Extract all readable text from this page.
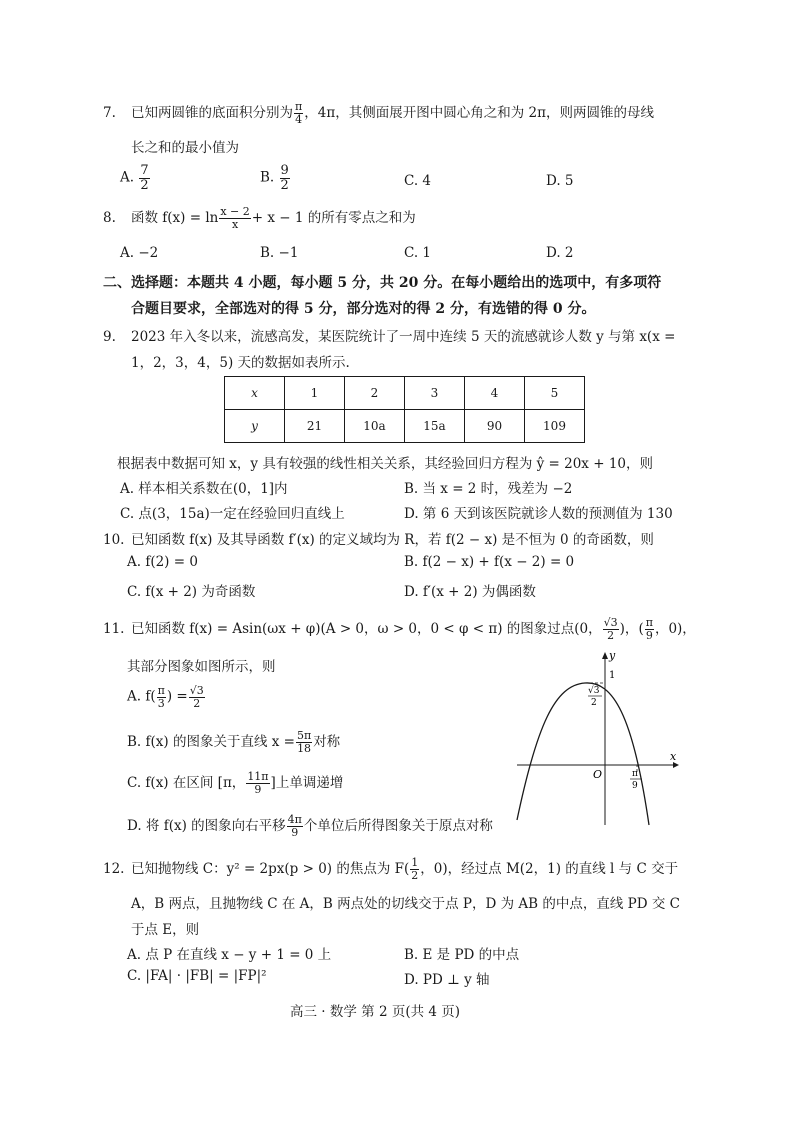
7. 已知两圆锥的底面积分别为 $\frac{\pi}{4}$ ，4π，其侧面展开图中圆心角之和为 2π，则两圆锥的母线
长之和的最小值为
A. $\frac{7}{2}$	B. $\frac{9}{2}$	C. 4	D. 5
8. 函数 $f(x) = \ln \frac{x - 2}{x} + x - 1$ 的所有零点之和为
A. −2	B. −1	C. 1	D. 2
二、选择题：本题共 4 小题，每小题 5 分，共 20 分。在每小题给出的选项中，有多项符
合题目要求，全部选对的得 5 分，部分选对的得 2 分，有选错的得 0 分。
9. 2023 年入冬以来，流感高发，某医院统计了一周中连续 5 天的流感就诊人数 y 与第 x(x =
1，2，3，4，5) 天的数据如表所示.
x	1	2	3	4	5
y	21	10a	15a	90	109
根据表中数据可知 x，y 具有较强的线性相关关系，其经验回归方程为 ŷ = 20x + 10，则
A. 样本相关系数在(0，1]内	B. 当 x = 2 时，残差为 −2
C. 点(3，15a)一定在经验回归直线上	D. 第 6 天到该医院就诊人数的预测值为 130
10. 已知函数 f(x) 及其导函数 f′(x) 的定义域均为 R，若 f(2 − x) 是不恒为 0 的奇函数，则
A. f(2) = 0	B. f(2 − x) + f(x − 2) = 0
C. f(x + 2) 为奇函数	D. f′(x + 2) 为偶函数
11. 已知函数 f(x) = Asin(ωx + φ)(A > 0，ω > 0，0 < φ < π) 的图象过点(0， $\frac{√3}{2}$ )，( $\frac{\pi}{9}$ ，0)，
其部分图象如图所示，则
A. $f( \frac{\pi}{3}$ ) = $\frac{√3}{2}$
B. f(x) 的图象关于直线 $x = \frac{5\pi}{18}$ 对称
C. f(x) 在区间 [π， $\frac{11\pi}{9}$ ]上单调递增
D. 将 f(x) 的图象向右平移 $\frac{4\pi}{9}$ 个单位后所得图象关于原点对称
y
x
O
1
√3
2
π
9
12. 已知抛物线 C：y² = 2px(p > 0) 的焦点为 $F( \frac{1}{2}$ ，0)，经过点 M(2，1) 的直线 l 与 C 交于
A，B 两点，且抛物线 C 在 A，B 两点处的切线交于点 P，D 为 AB 的中点，直线 PD 交 C
于点 E，则
A. 点 P 在直线 x − y + 1 = 0 上	B. E 是 PD 的中点
C. |FA| · |FB| = |FP|²	D. PD ⊥ y 轴
高三 · 数学 第 2 页(共 4 页)
